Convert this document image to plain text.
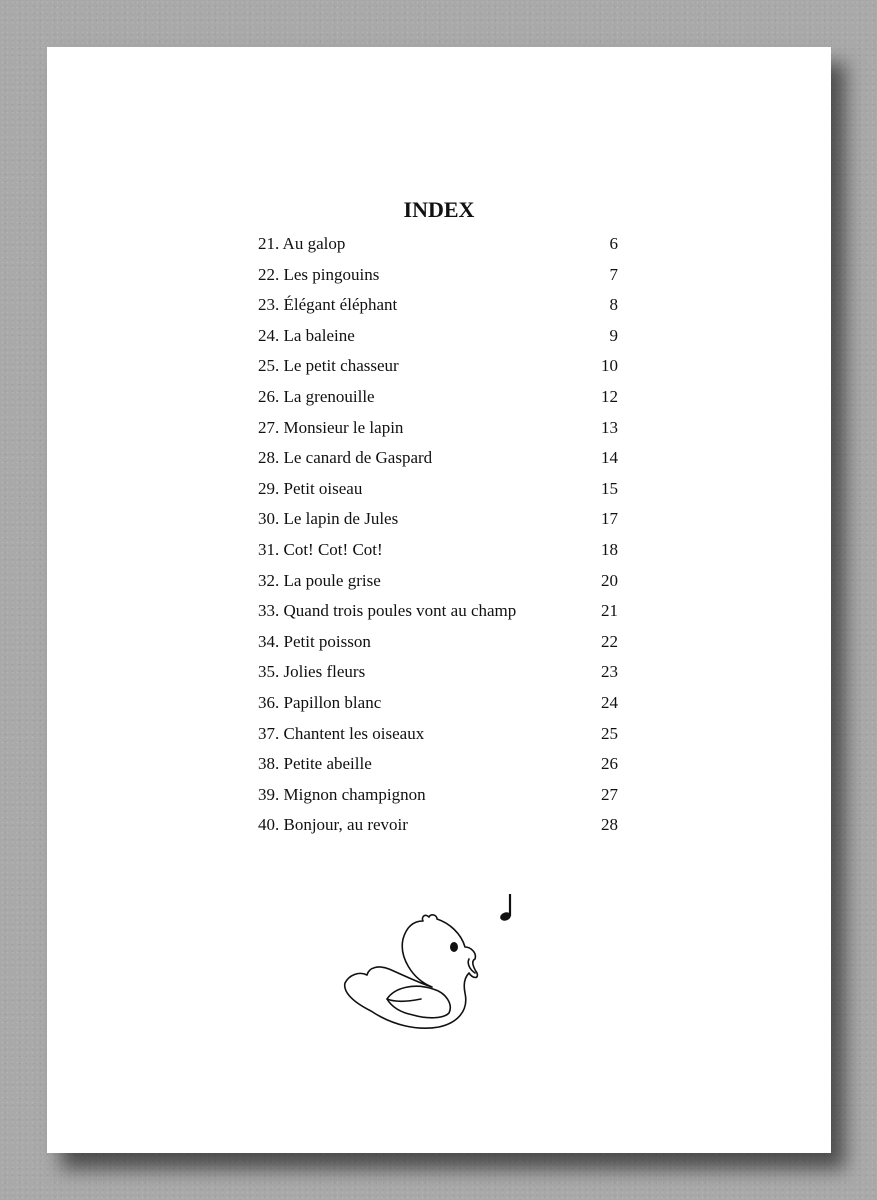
INDEX
21. Au galop	6
22. Les pingouins	7
23. Élégant éléphant	8
24. La baleine	9
25. Le petit chasseur	10
26. La grenouille	12
27. Monsieur le lapin	13
28. Le canard de Gaspard	14
29. Petit oiseau	15
30. Le lapin de Jules	17
31. Cot! Cot! Cot!	18
32. La poule grise	20
33. Quand trois poules vont au champ	21
34. Petit poisson	22
35. Jolies fleurs	23
36. Papillon blanc	24
37. Chantent les oiseaux	25
38. Petite abeille	26
39. Mignon champignon	27
40. Bonjour, au revoir	28
